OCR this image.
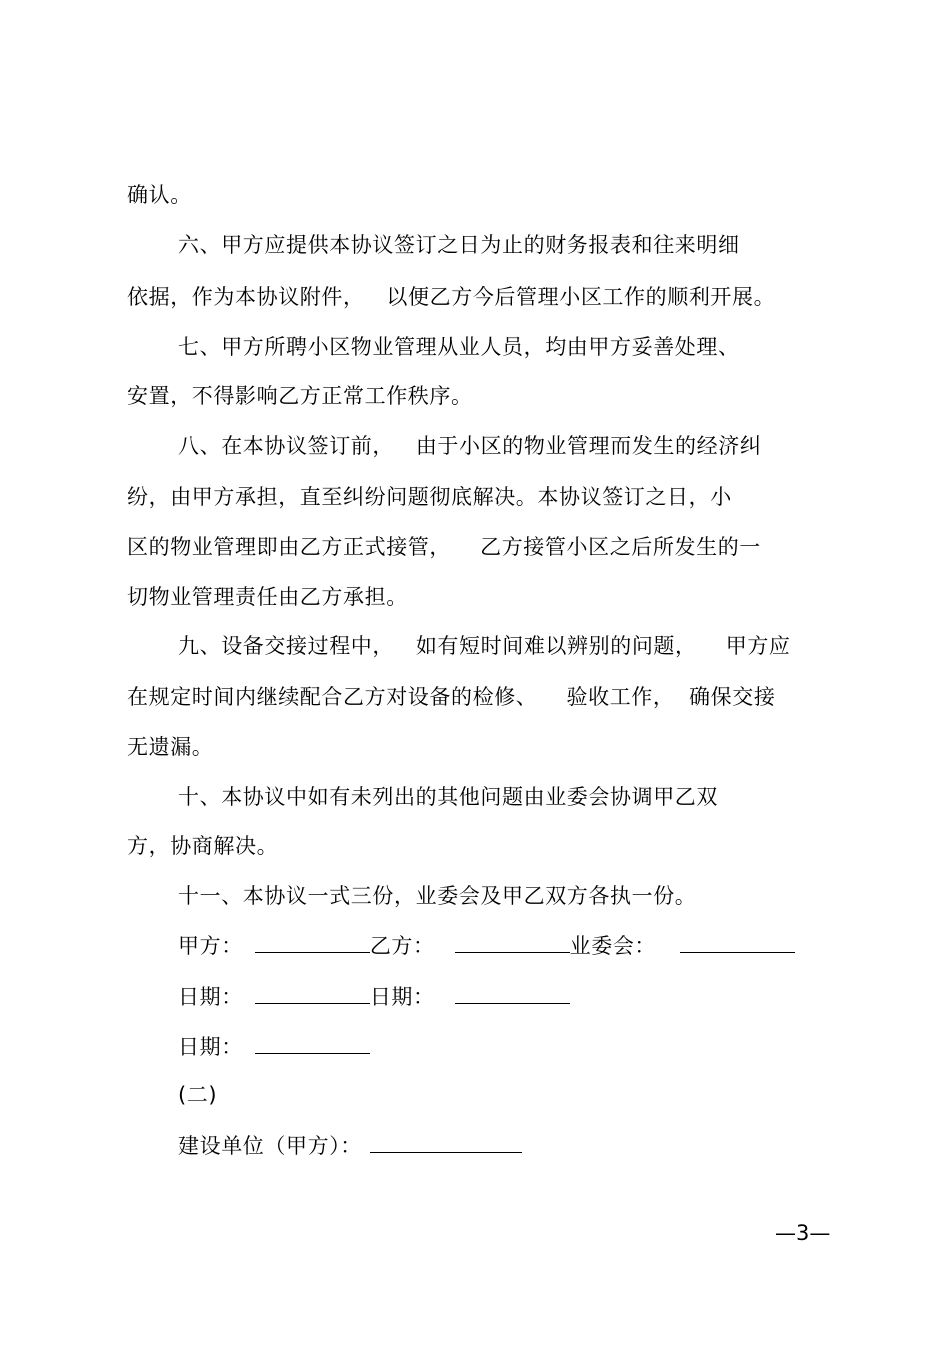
确认。
六、甲方应提供本协议签订之日为止的财务报表和往来明细
依据，作为本协议附件，   以便乙方今后管理小区工作的顺利开展。
七、甲方所聘小区物业管理从业人员，均由甲方妥善处理、
安置，不得影响乙方正常工作秩序。
八、在本协议签订前，   由于小区的物业管理而发生的经济纠
纷，由甲方承担，直至纠纷问题彻底解决。本协议签订之日，小
区的物业管理即由乙方正式接管，    乙方接管小区之后所发生的一
切物业管理责任由乙方承担。
九、设备交接过程中，   如有短时间难以辨别的问题，    甲方应
在规定时间内继续配合乙方对设备的检修、    验收工作，  确保交接
无遗漏。
十、本协议中如有未列出的其他问题由业委会协调甲乙双
方，协商解决。
十一、本协议一式三份，业委会及甲乙双方各执一份。
甲方：	乙方：	业委会：
日期：	日期：
日期：
(二)
建设单位（甲方）：
—3—
